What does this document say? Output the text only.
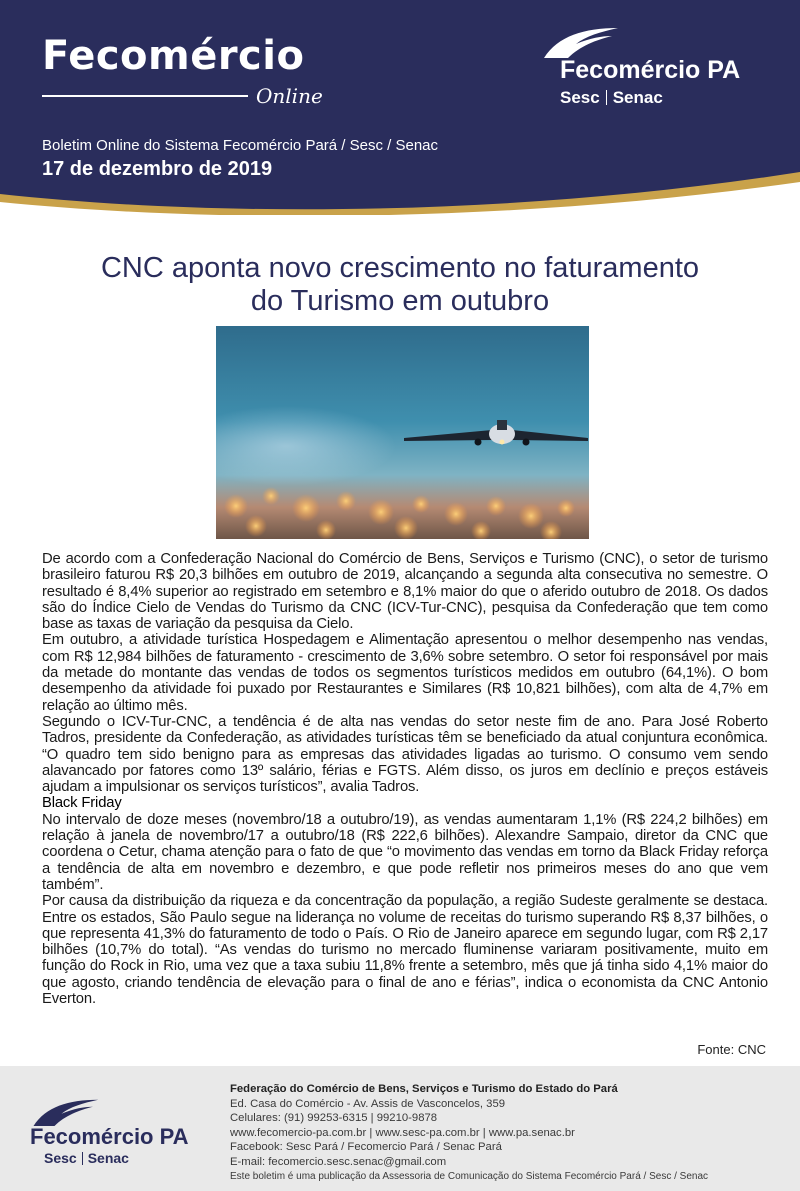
Fecomércio
Online
Fecomércio PA
Sesc Senac
Boletim Online do Sistema Fecomércio Pará / Sesc / Senac
17 de dezembro de 2019
CNC aponta novo crescimento no faturamento
do Turismo em outubro

De acordo com a Confederação Nacional do Comércio de Bens, Serviços e Turismo (CNC), o setor de turismo brasileiro faturou R$ 20,3 bilhões em outubro de 2019, alcançando a segunda alta consecutiva no semestre. O resultado é 8,4% superior ao registrado em setembro e 8,1% maior do que o aferido outubro de 2018. Os dados são do Índice Cielo de Vendas do Turismo da CNC (ICV-Tur-CNC), pesquisa da Confederação que tem como base as taxas de variação da pesquisa da Cielo.

Em outubro, a atividade turística Hospedagem e Alimentação apresentou o melhor desempenho nas vendas, com R$ 12,984 bilhões de faturamento - crescimento de 3,6% sobre setembro. O setor foi responsável por mais da metade do montante das vendas de todos os segmentos turísticos medidos em outubro (64,1%). O bom desempenho da atividade foi puxado por Restaurantes e Similares (R$ 10,821 bilhões), com alta de 4,7% em relação ao último mês.

Segundo o ICV-Tur-CNC, a tendência é de alta nas vendas do setor neste fim de ano. Para José Roberto Tadros, presidente da Confederação, as atividades turísticas têm se beneficiado da atual conjuntura econômica. “O quadro tem sido benigno para as empresas das atividades ligadas ao turismo. O consumo vem sendo alavancado por fatores como 13º salário, férias e FGTS. Além disso, os juros em declínio e preços estáveis ajudam a impulsionar os serviços turísticos”, avalia Tadros.

Black Friday

No intervalo de doze meses (novembro/18 a outubro/19), as vendas aumentaram 1,1% (R$ 224,2 bilhões) em relação à janela de novembro/17 a outubro/18 (R$ 222,6 bilhões). Alexandre Sampaio, diretor da CNC que coordena o Cetur, chama atenção para o fato de que “o movimento das vendas em torno da Black Friday reforça a tendência de alta em novembro e dezembro, e que pode refletir nos primeiros meses do ano que vem também”.

Por causa da distribuição da riqueza e da concentração da população, a região Sudeste geralmente se destaca. Entre os estados, São Paulo segue na liderança no volume de receitas do turismo superando R$ 8,37 bilhões, o que representa 41,3% do faturamento de todo o País. O Rio de Janeiro aparece em segundo lugar, com R$ 2,17 bilhões (10,7% do total). “As vendas do turismo no mercado fluminense variaram positivamente, muito em função do Rock in Rio, uma vez que a taxa subiu 11,8% frente a setembro, mês que já tinha sido 4,1% maior do que agosto, criando tendência de elevação para o final de ano e férias”, indica o economista da CNC Antonio Everton.

Fonte: CNC
Fecomércio PA
Sesc Senac
Federação do Comércio de Bens, Serviços e Turismo do Estado do Pará
Ed. Casa do Comércio - Av. Assis de Vasconcelos, 359
Celulares: (91) 99253-6315 | 99210-9878
www.fecomercio-pa.com.br | www.sesc-pa.com.br | www.pa.senac.br
Facebook: Sesc Pará / Fecomercio Pará / Senac Pará
E-mail: fecomercio.sesc.senac@gmail.com
Este boletim é uma publicação da Assessoria de Comunicação do Sistema Fecomércio Pará / Sesc / Senac
